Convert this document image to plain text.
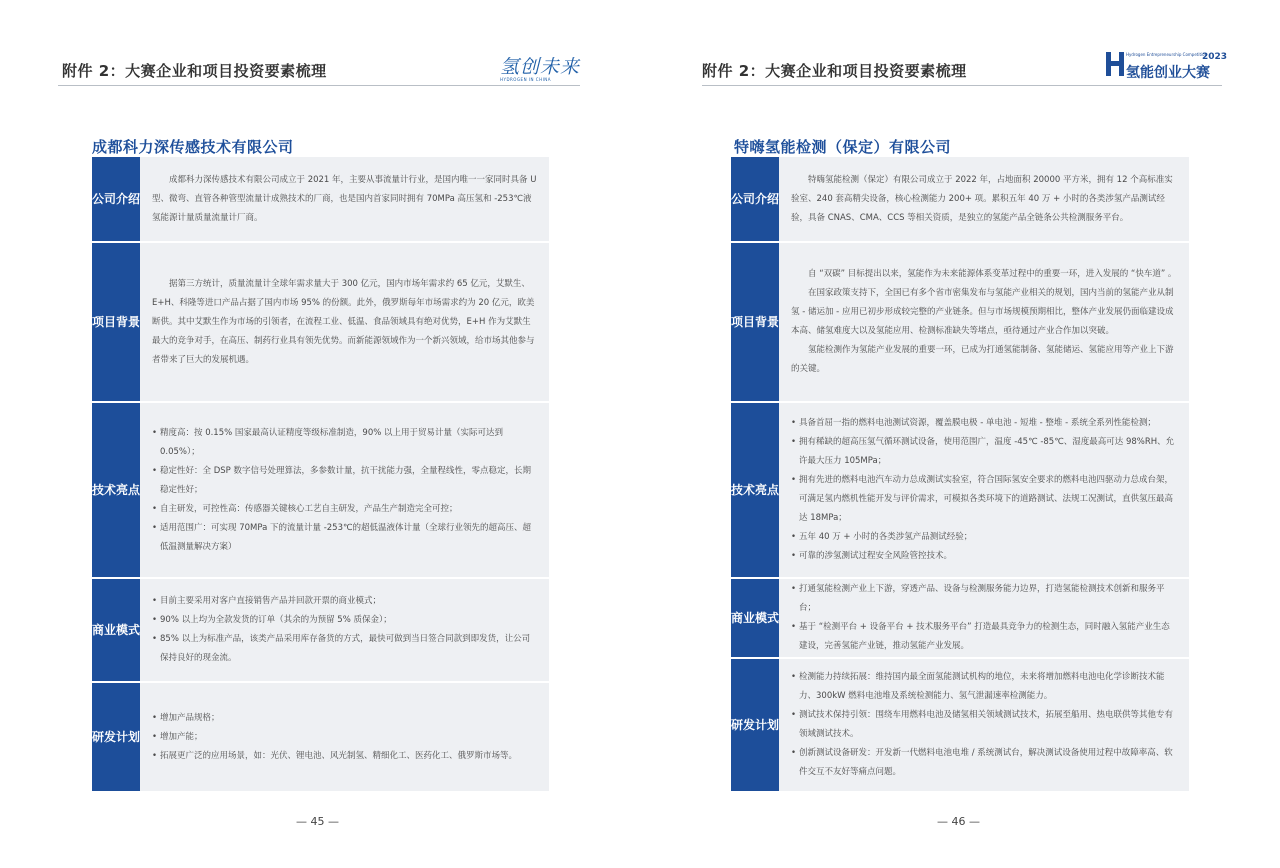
附件 2：大赛企业和项目投资要素梳理	氢创未来
HYDROGEN IN CHINA
成都科力深传感技术有限公司
公司 介绍

成都科力深传感技术有限公司成立于 2021 年，主要从事流量计行业，是国内唯一一家同时具备 U 型、微弯、直管各种管型流量计成熟技术的厂商，也是国内首家同时拥有 70MPa 高压氢和 -253℃液氢能源计量质量流量计厂商。

项目 背景

据第三方统计，质量流量计全球年需求量大于 300 亿元，国内市场年需求约 65 亿元，艾默生、E+H、科隆等进口产品占据了国内市场 95% 的份额。此外，俄罗斯每年市场需求约为 20 亿元，欧美断供。其中艾默生作为市场的引领者，在流程工业、低温、食品领域具有绝对优势，E+H 作为艾默生最大的竞争对手，在高压、制药行业具有领先优势。而新能源领域作为一个新兴领域，给市场其他参与者带来了巨大的发展机遇。

技术 亮点
• 精度高：按 0.15% 国家最高认证精度等级标准制造，90% 以上用于贸易计量（实际可达到 0.05%）；
• 稳定性好：全 DSP 数字信号处理算法，多参数计量，抗干扰能力强，全量程线性，零点稳定，长期稳定性好；
• 自主研发，可控性高：传感器关键核心工艺自主研发，产品生产制造完全可控；
• 适用范围广：可实现 70MPa 下的流量计量 -253℃的超低温液体计量（全球行业领先的超高压、超低温测量解决方案）
商业 模式
• 目前主要采用对客户直接销售产品并回款开票的商业模式；
• 90% 以上均为全款发货的订单（其余的为预留 5% 质保金）；
• 85% 以上为标准产品，该类产品采用库存备货的方式，最快可做到当日签合同款到即发货，让公司保持良好的现金流。
研发 计划
• 增加产品规格；
• 增加产能；
• 拓展更广泛的应用场景，如：光伏、锂电池、风光制氢、精细化工、医药化工、俄罗斯市场等。
— 45 —
附件 2：大赛企业和项目投资要素梳理
Hydrogen Entrepreneurship Competition
2023
氢能创业大赛
特嗨氢能检测（保定）有限公司
公司 介绍

特嗨氢能检测（保定）有限公司成立于 2022 年，占地面积 20000 平方米，拥有 12 个高标准实验室、240 套高精尖设备，核心检测能力 200+ 项。累积五年 40 万 + 小时的各类涉氢产品测试经验，具备 CNAS、CMA、CCS 等相关资质，是独立的氢能产品全链条公共检测服务平台。

项目 背景

自 “双碳” 目标提出以来，氢能作为未来能源体系变革过程中的重要一环，进入发展的 “快车道” 。

在国家政策支持下，全国已有多个省市密集发布与氢能产业相关的规划，国内当前的氢能产业从制氢 - 储运加 - 应用已初步形成较完整的产业链条。但与市场规模预期相比，整体产业发展仍面临建设成本高、储氢难度大以及氢能应用、检测标准缺失等堵点，亟待通过产业合作加以突破。

氢能检测作为氢能产业发展的重要一环，已成为打通氢能制备、氢能储运、氢能应用等产业上下游的关键。

技术 亮点
• 具备首屈一指的燃料电池测试资源，覆盖膜电极 - 单电池 - 短堆 - 整堆 - 系统全系列性能检测；
• 拥有稀缺的超高压氢气循环测试设备，使用范围广，温度 -45℃ -85℃、湿度最高可达 98%RH、允许最大压力 105MPa；
• 拥有先进的燃料电池汽车动力总成测试实验室，符合国际氢安全要求的燃料电池四驱动力总成台架，可满足氢内燃机性能开发与评价需求，可模拟各类环境下的道路测试、法规工况测试，直供氢压最高达 18MPa；
• 五年 40 万 + 小时的各类涉氢产品测试经验；
• 可靠的涉氢测试过程安全风险管控技术。
商业 模式
• 打通氢能检测产业上下游，穿透产品、设备与检测服务能力边界，打造氢能检测技术创新和服务平台；
• 基于 “检测平台 + 设备平台 + 技术服务平台” 打造最具竞争力的检测生态，同时融入氢能产业生态建设，完善氢能产业链，推动氢能产业发展。
研发 计划
• 检测能力持续拓展：维持国内最全面氢能测试机构的地位，未来将增加燃料电池电化学诊断技术能力、300kW 燃料电池堆及系统检测能力、氢气泄漏速率检测能力。
• 测试技术保持引领：围绕车用燃料电池及储氢相关领域测试技术，拓展至船用、热电联供等其他专有领域测试技术。
• 创新测试设备研发：开发新一代燃料电池电堆 / 系统测试台，解决测试设备使用过程中故障率高、软件交互不友好等痛点问题。
— 46 —
